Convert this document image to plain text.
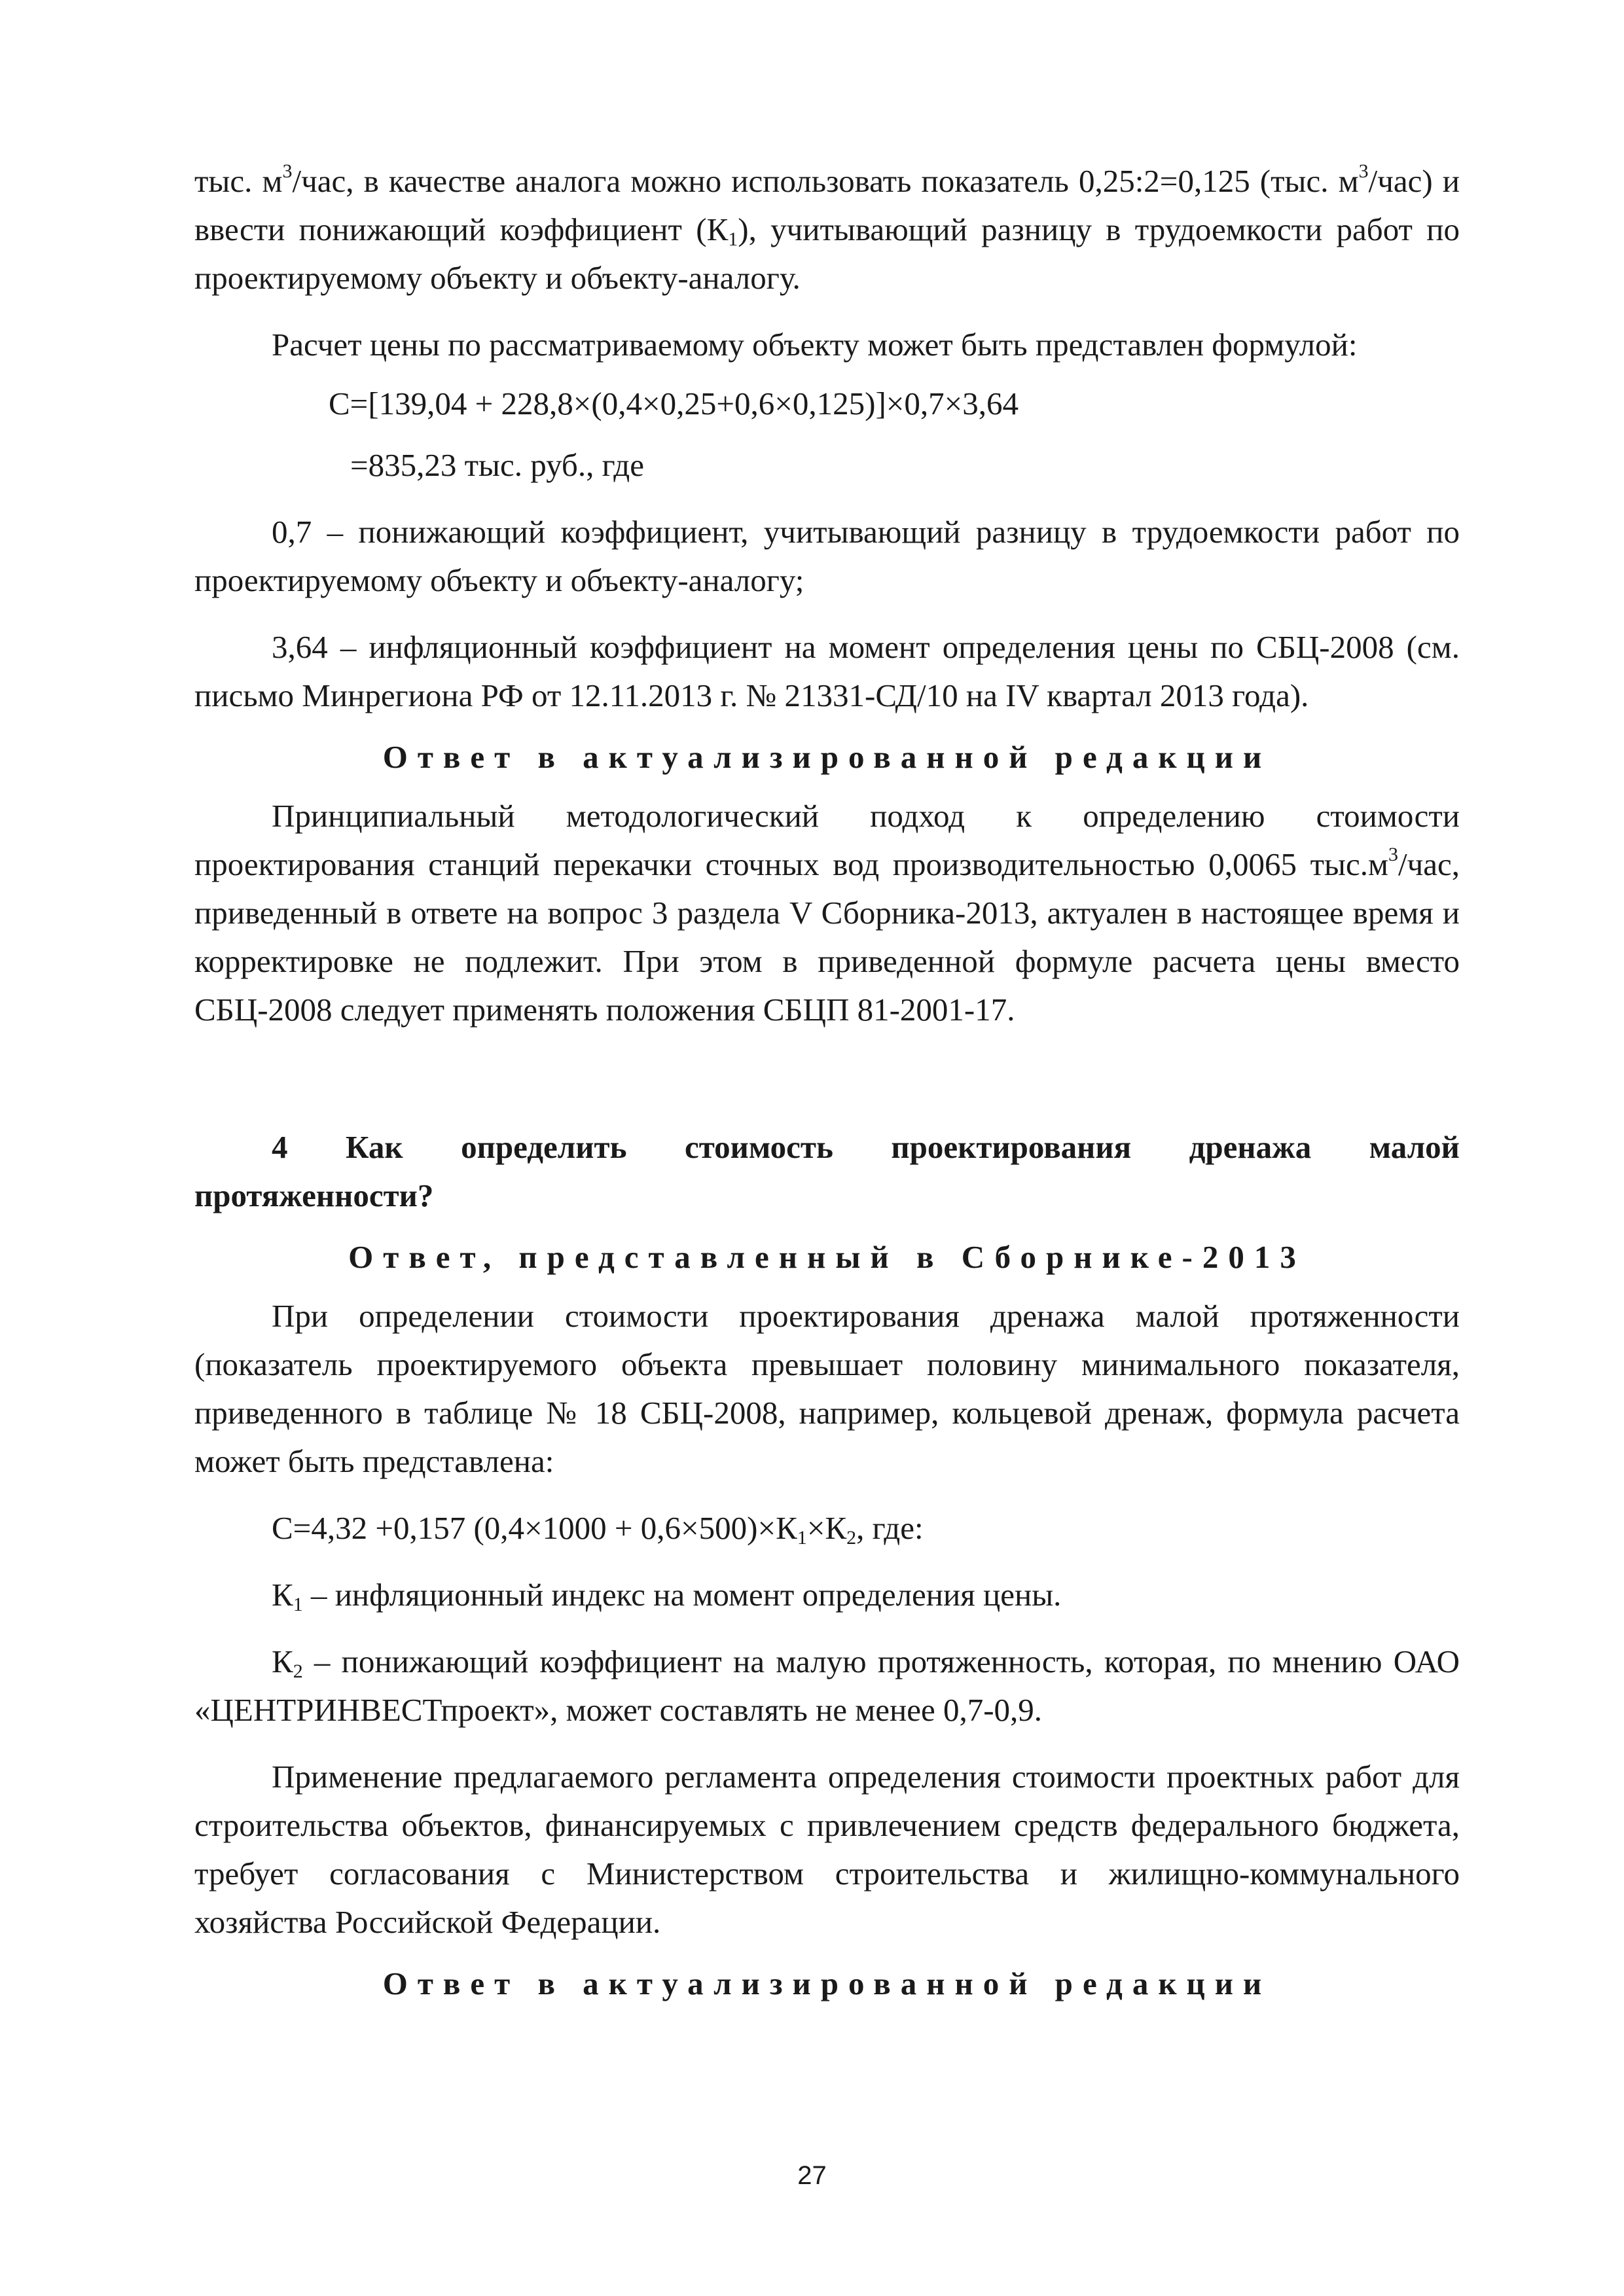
тыс. $м^3$/час, в качестве аналога можно использовать показатель 0,25:2=0,125 (тыс. $м^3/час$) и ввести понижающий коэффициент $(К_1)$, учитывающий разницу в трудоемкости работ по проектируемому объекту и объекту-аналогу.

Расчет цены по рассматриваемому объекту может быть представлен формулой:

С=[139,04 + 228,8×(0,4×0,25+0,6×0,125)]×0,7×3,64

=835,23 тыс. руб., где

0,7 – понижающий коэффициент, учитывающий разницу в трудоемкости работ по проектируемому объекту и объекту-аналогу;

3,64 – инфляционный коэффициент на момент определения цены по СБЦ-2008 (см. письмо Минрегиона РФ от 12.11.2013 г. № 21331-СД/10 на IV квартал 2013 года).

Ответ в актуализированной редакции

Принципиальный методологический подход к определению стоимости проектирования станций перекачки сточных вод производительностью 0,0065 $тыс.м^3$/час, приведенный в ответе на вопрос 3 раздела V Сборника-2013, актуален в настоящее время и корректировке не подлежит. При этом в приведенной формуле расчета цены вместо СБЦ-2008 следует применять положения СБЦП 81-2001-17.

4 Как определить стоимость проектирования дренажа малой
протяженности?

Ответ, представленный в Сборнике-2013

При определении стоимости проектирования дренажа малой протяженности (показатель проектируемого объекта превышает половину минимального показателя, приведенного в таблице № 18 СБЦ-2008, например, кольцевой дренаж, формула расчета может быть представлена:

С=4,32 +0,157 $(0,4\times 1000 + 0,6\times 500)\times К_1\times К_2$, где:

$К_1$ – инфляционный индекс на момент определения цены.

$К_2$ – понижающий коэффициент на малую протяженность, которая, по мнению ОАО «ЦЕНТРИНВЕСТпроект», может составлять не менее 0,7-0,9.

Применение предлагаемого регламента определения стоимости проектных работ для строительства объектов, финансируемых с привлечением средств федерального бюджета, требует согласования с Министерством строительства и жилищно-коммунального хозяйства Российской Федерации.

Ответ в актуализированной редакции

27
